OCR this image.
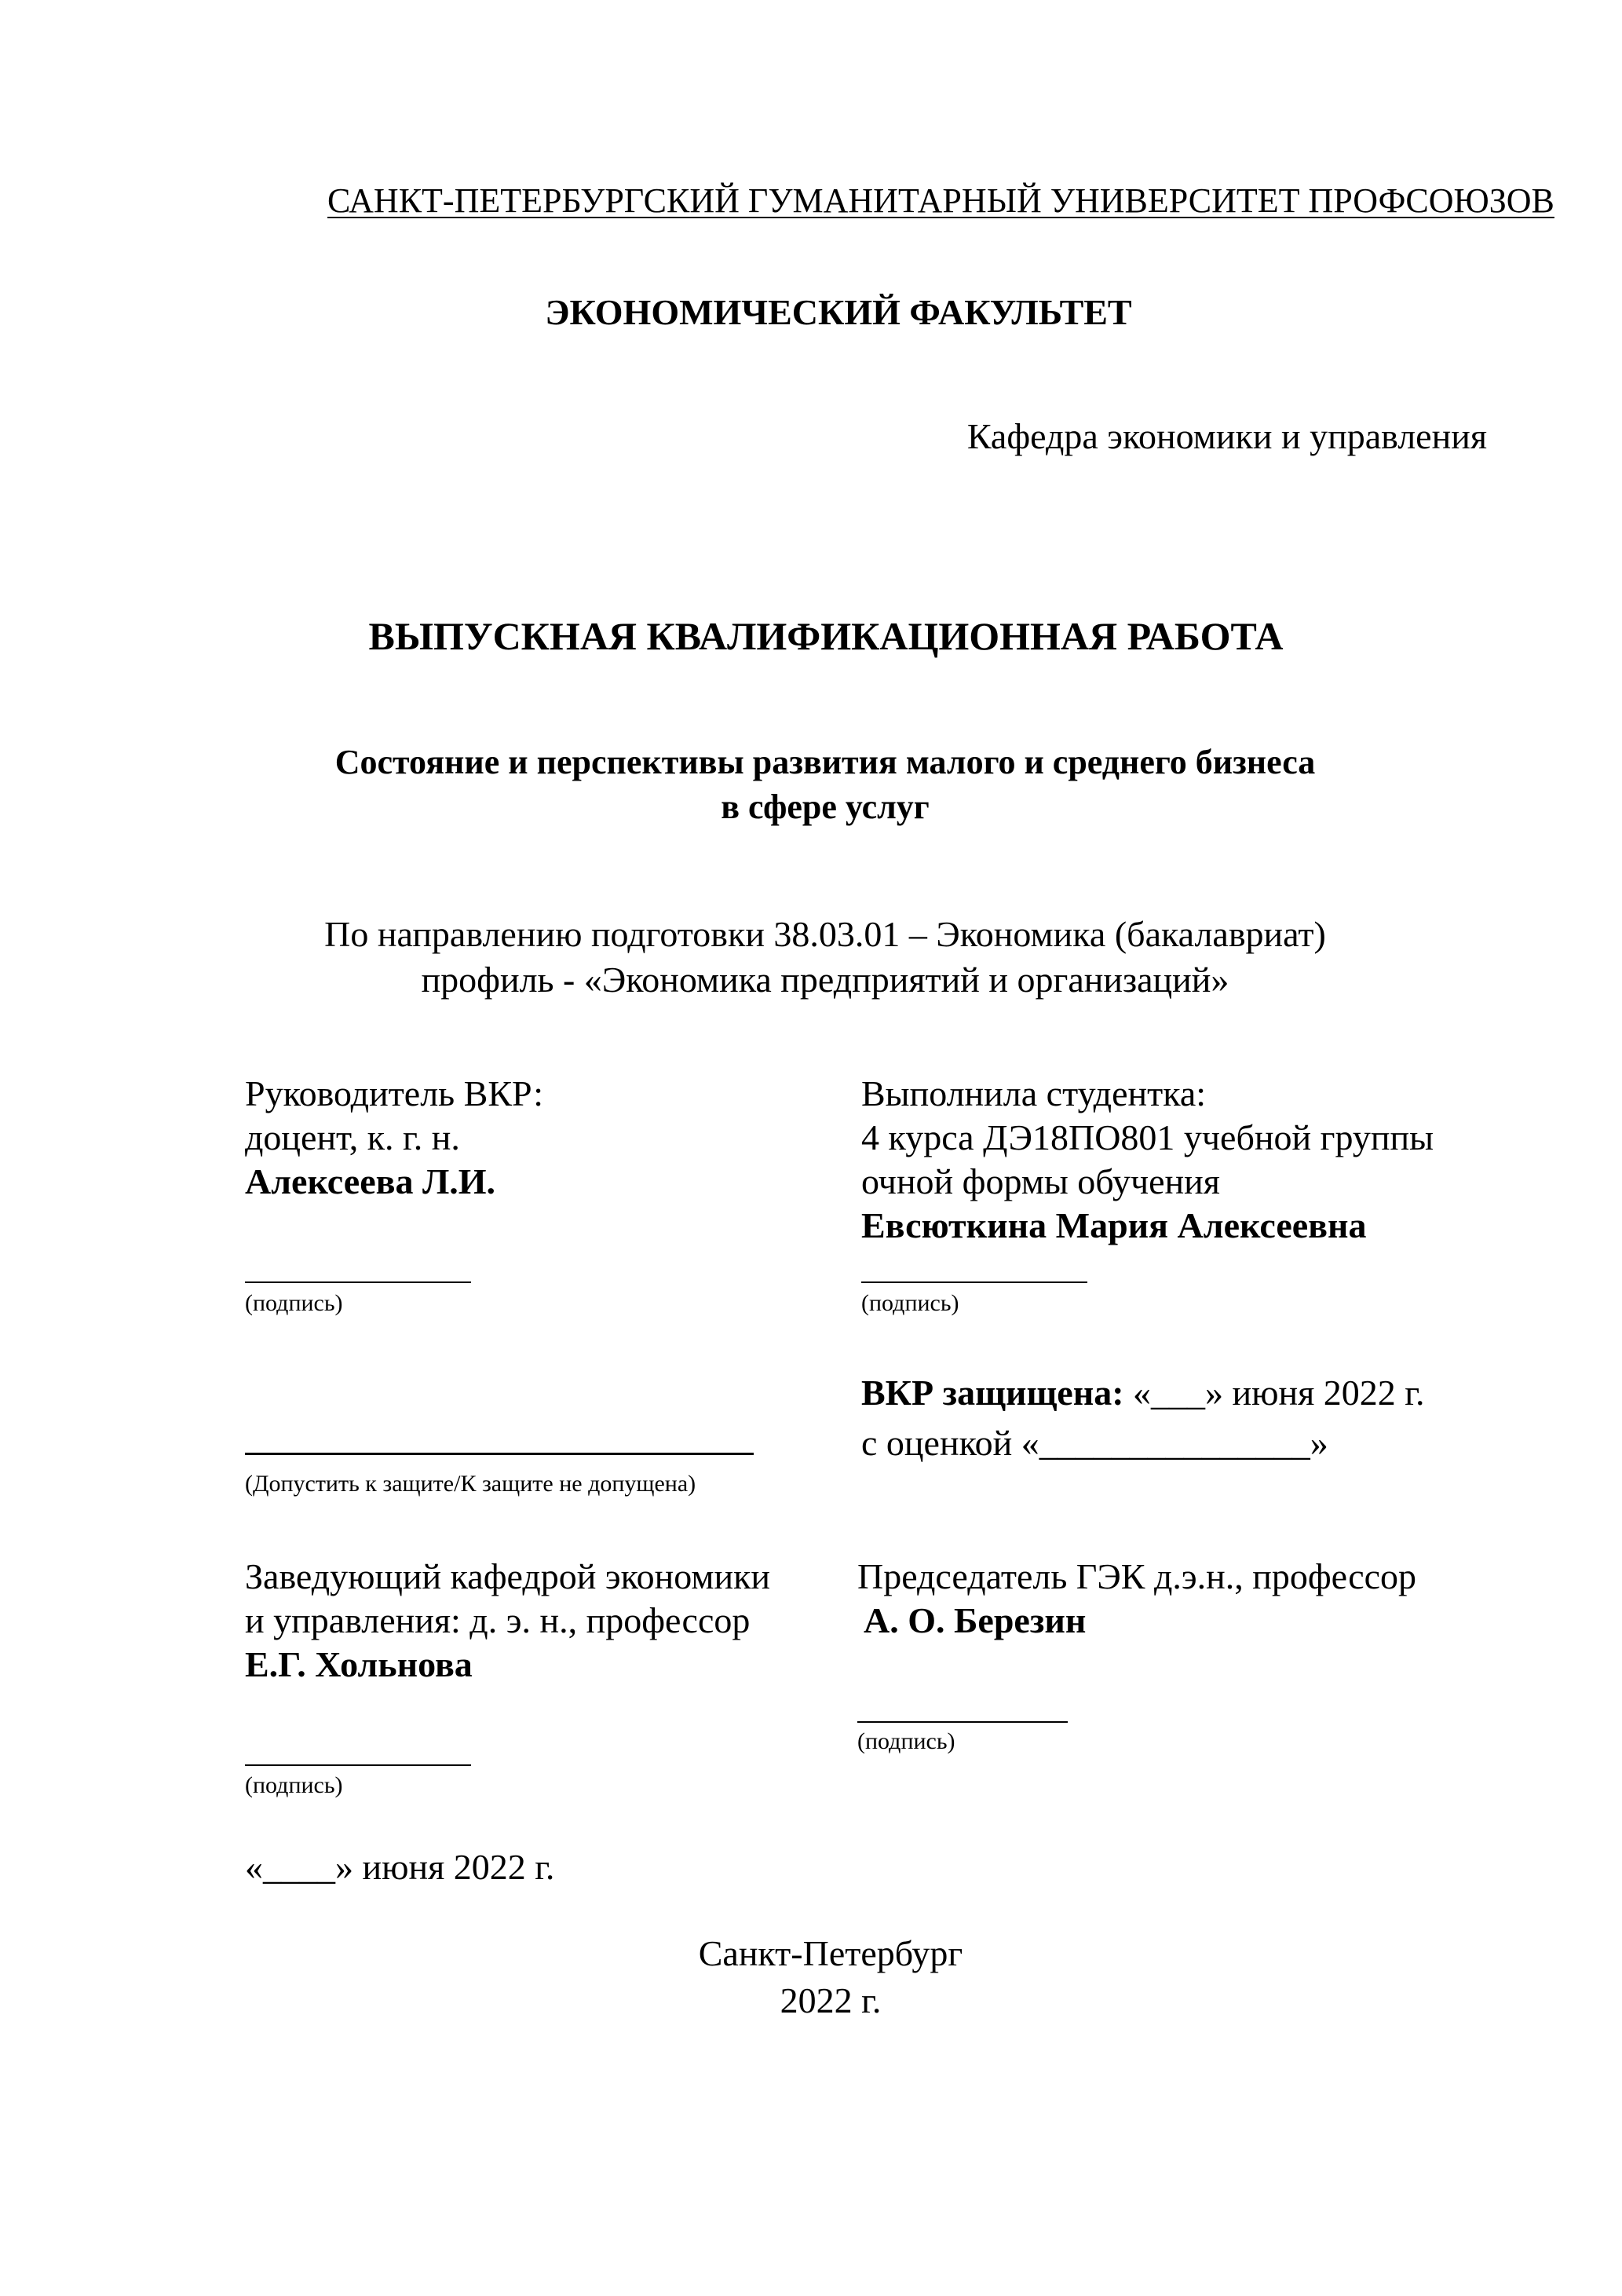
САНКТ-ПЕТЕРБУРГСКИЙ ГУМАНИТАРНЫЙ УНИВЕРСИТЕТ ПРОФСОЮЗОВ
ЭКОНОМИЧЕСКИЙ ФАКУЛЬТЕТ
Кафедра экономики и управления
ВЫПУСКНАЯ КВАЛИФИКАЦИОННАЯ РАБОТА
Состояние и перспективы развития малого и среднего бизнеса
в сфере услуг
По направлению подготовки 38.03.01 – Экономика (бакалавриат)
профиль - «Экономика предприятий и организаций»
Руководитель ВКР:
доцент, к. г. н.
Алексеева Л.И.
(подпись)
Выполнила студентка:
4 курса ДЭ18ПО801 учебной группы
очной формы обучения
Евсюткина Мария Алексеевна
(подпись)
(Допустить к защите/К защите не допущена)
ВКР защищена: «___» июня 2022 г.
с оценкой «_______________»
Заведующий кафедрой экономики
и управления: д. э. н., профессор
Е.Г. Хольнова
(подпись)
Председатель ГЭК д.э.н., профессор
А. О. Березин
(подпись)
«____» июня 2022 г.
Санкт-Петербург
2022 г.
